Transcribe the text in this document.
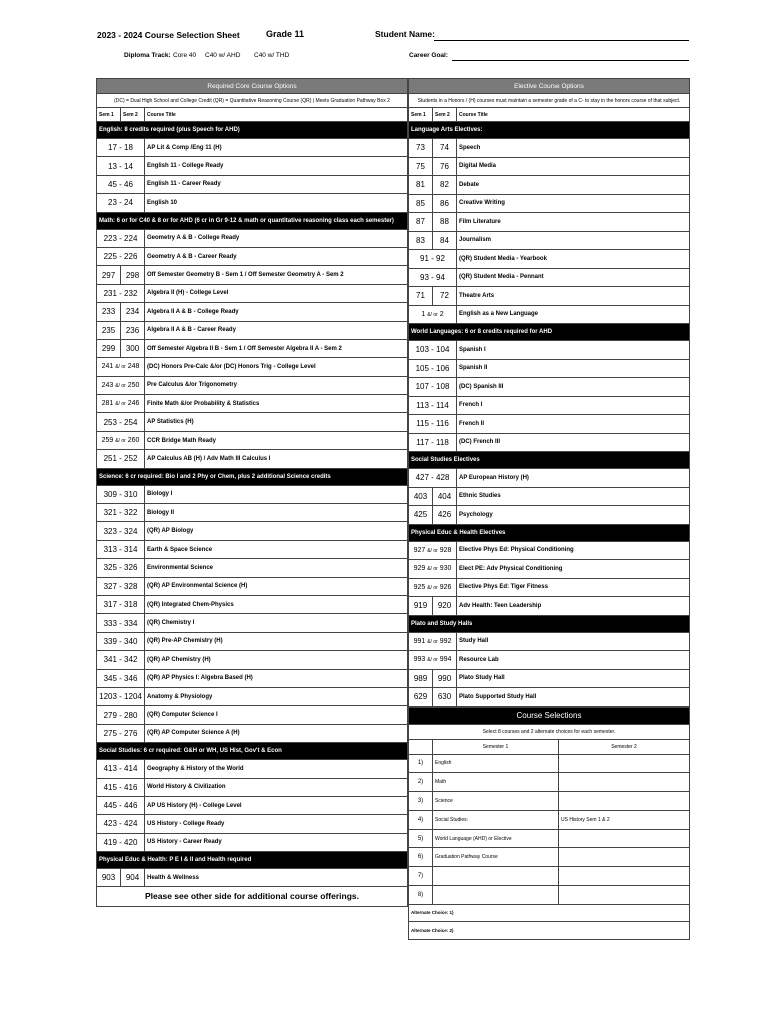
2023 - 2024 Course Selection Sheet	Grade 11	Student Name:
Diploma Track: Core 40 C40 w/ AHD C40 w/ THD	Career Goal:
Required Core Course Options		
(DC) = Dual High School and College Credit (QR) = Quantitative Reasoning Course (QR) | Meets Graduation Pathway Box 2		
Sem 1	Sem 2	Course Title
English: 8 credits required (plus Speech for AHD)		
17 - 18		AP Lit & Comp /Eng 11 (H)
13 - 14		English 11 - College Ready
45 - 46		English 11 - Career Ready
23 - 24		English 10
Math: 6 or for C40 & 8 or for AHD (6 cr in Gr 9-12 & math or quantitative reasoning class each semester)		
223 - 224		Geometry A & B - College Ready
225 - 226		Geometry A & B - Career Ready
297	298	Off Semester Geometry B - Sem 1 / Off Semester Geometry A - Sem 2
231 - 232		Algebra II (H) - College Level
233	234	Algebra II A & B - College Ready
235	236	Algebra II A & B - Career Ready
299	300	Off Semester Algebra II B - Sem 1 / Off Semester Algebra II A - Sem 2
241 &/ or 248		(DC) Honors Pre-Calc &/or (DC) Honors Trig - College Level
243 &/ or 250		Pre Calculus &/or Trigonometry
281 &/ or 246		Finite Math &/or Probability & Statistics
253 - 254		AP Statistics (H)
259 &/ or 260		CCR Bridge Math Ready
251 - 252		AP Calculus AB (H) / Adv Math III Calculus I
Science: 6 cr required: Bio I and 2 Phy or Chem, plus 2 additional Science credits		
309 - 310		Biology I
321 - 322		Biology II
323 - 324		(QR) AP Biology
313 - 314		Earth & Space Science
325 - 326		Environmental Science
327 - 328		(QR) AP Environmental Science (H)
317 - 318		(QR) Integrated Chem-Physics
333 - 334		(QR) Chemistry I
339 - 340		(QR) Pre-AP Chemistry (H)
341 - 342		(QR) AP Chemistry (H)
345 - 346		(QR) AP Physics I: Algebra Based (H)
1203 - 1204		Anatomy & Physiology
279 - 280		(QR) Computer Science I
275 - 276		(QR) AP Computer Science A (H)
Social Studies: 6 cr required: G&H or WH, US Hist, Gov't & Econ		
413 - 414		Geography & History of the World
415 - 416		World History & Civilization
445 - 446		AP US History (H) - College Level
423 - 424		US History - College Ready
419 - 420		US History - Career Ready
Physical Educ & Health: P E I & II and Health required		
903	904	Health & Wellness
Please see other side for additional course offerings.
Elective Course Options		
Students in a Honors / (H) courses must maintain a semester grade of a C- to stay in the honors course of that subject.		
Sem 1	Sem 2	Course Title
Language Arts Electives:		
73	74	Speech
75	76	Digital Media
81	82	Debate
85	86	Creative Writing
87	88	Film Literature
83	84	Journalism
91 - 92		(QR) Student Media - Yearbook
93 - 94		(QR) Student Media - Pennant
71	72	Theatre Arts
1 &/ or 2		English as a New Language
World Languages: 6 or 8 credits required for AHD		
103 - 104		Spanish I
105 - 106		Spanish II
107 - 108		(DC) Spanish III
113 - 114		French I
115 - 116		French II
117 - 118		(DC) French III
Social Studies Electives		
427 - 428		AP European History (H)
403	404	Ethnic Studies
425	426	Psychology
Physical Educ & Health Electives		
927 &/ or 928		Elective Phys Ed: Physical Conditioning
929 &/ or 930		Elect PE: Adv Physical Conditioning
925 &/ or 926		Elective Phys Ed: Tiger Fitness
919	920	Adv Health: Teen Leadership
Plato and Study Halls		
991 &/ or 992		Study Hall
993 &/ or 994		Resource Lab
989	990	Plato Study Hall
629	630	Plato Supported Study Hall
Course Selections		
Select 8 courses and 2 alternate choices for each semester.		
	Semester 1	Semester 2
1)	English	
2)	Math	
3)	Science	
4)	Social Studies:	US History Sem 1 & 2
5)	World Language (AHD) or Elective	
6)	Graduation Pathway Course	
7)		
8)		
Alternate Choice: 1)		
Alternate Choice: 2)		
